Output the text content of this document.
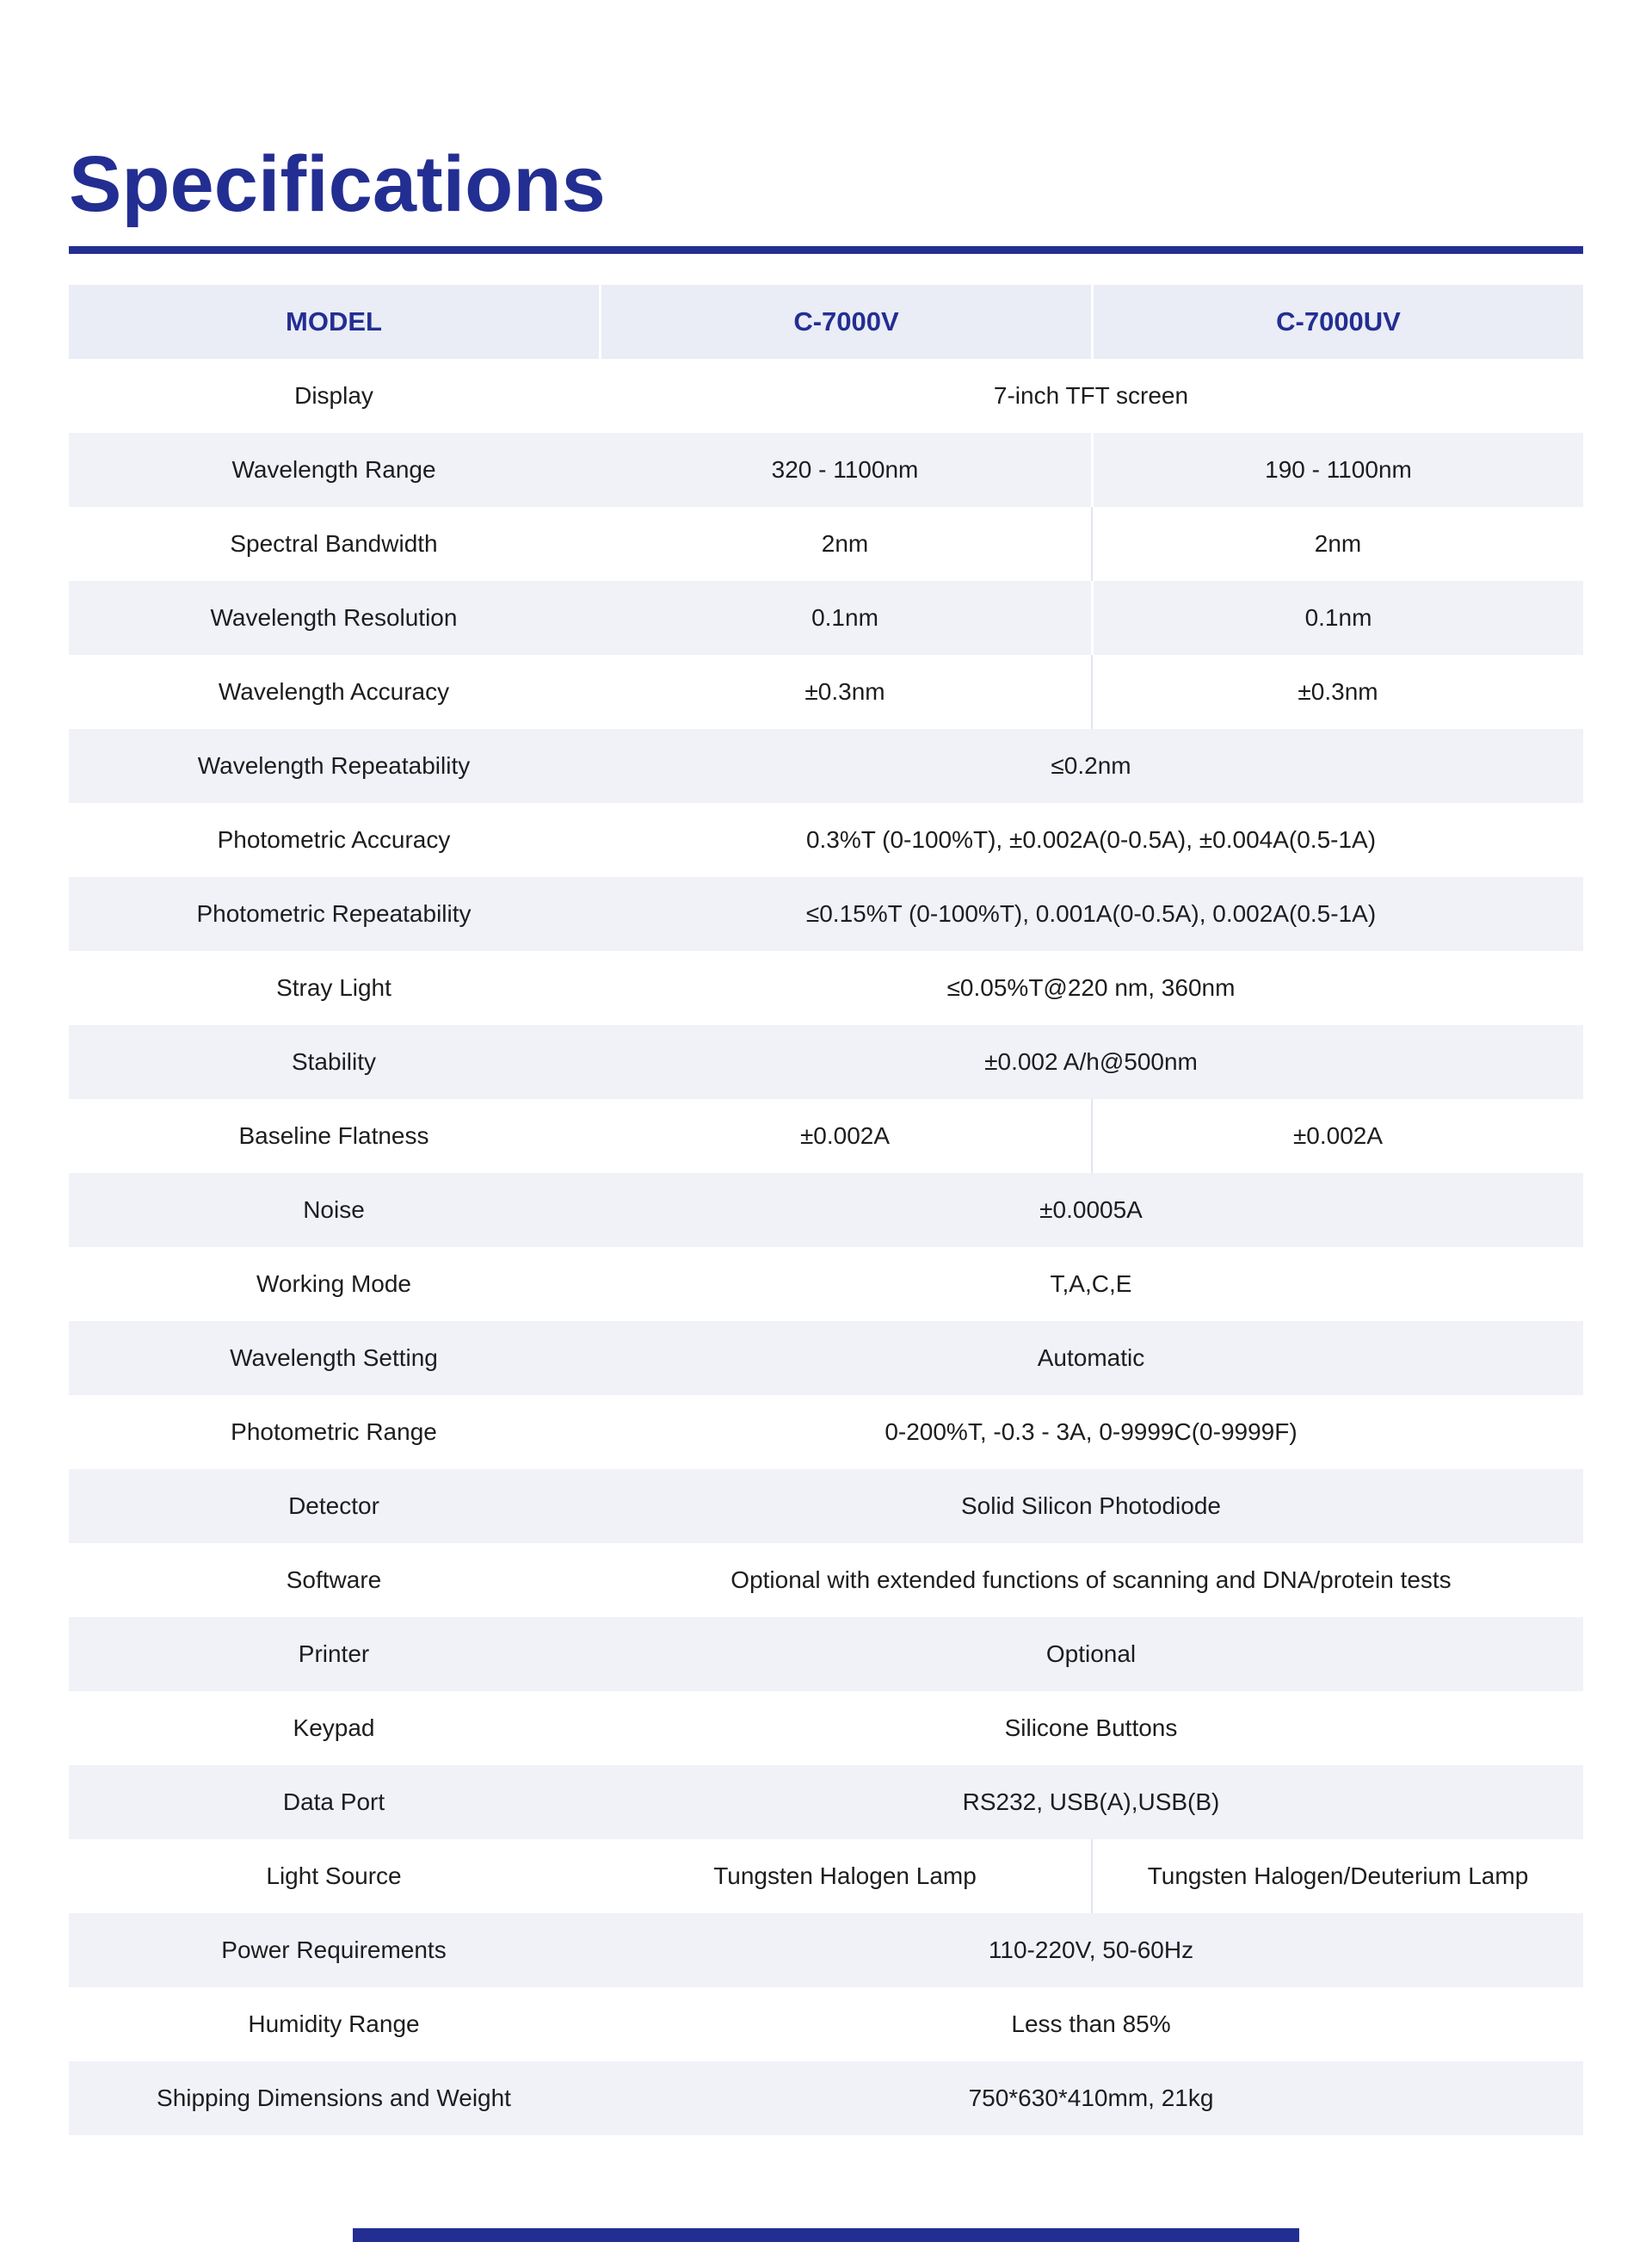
Specifications
MODEL	C-7000V	C-7000UV
Display	7-inch TFT screen
Wavelength Range	320 - 1100nm	190 - 1100nm
Spectral Bandwidth	2nm	2nm
Wavelength Resolution	0.1nm	0.1nm
Wavelength Accuracy	±0.3nm	±0.3nm
Wavelength Repeatability	≤0.2nm
Photometric Accuracy	0.3%T (0-100%T), ±0.002A(0-0.5A), ±0.004A(0.5-1A)
Photometric Repeatability	≤0.15%T (0-100%T), 0.001A(0-0.5A), 0.002A(0.5-1A)
Stray Light	≤0.05%T@220 nm, 360nm
Stability	±0.002 A/h@500nm
Baseline Flatness	±0.002A	±0.002A
Noise	±0.0005A
Working Mode	T,A,C,E
Wavelength Setting	Automatic
Photometric Range	0-200%T, -0.3 - 3A, 0-9999C(0-9999F)
Detector	Solid Silicon Photodiode
Software	Optional with extended functions of scanning and DNA/protein tests
Printer	Optional
Keypad	Silicone Buttons
Data Port	RS232, USB(A),USB(B)
Light Source	Tungsten Halogen Lamp	Tungsten Halogen/Deuterium Lamp
Power Requirements	110-220V, 50-60Hz
Humidity Range	Less than 85%
Shipping Dimensions and Weight	750*630*410mm, 21kg
